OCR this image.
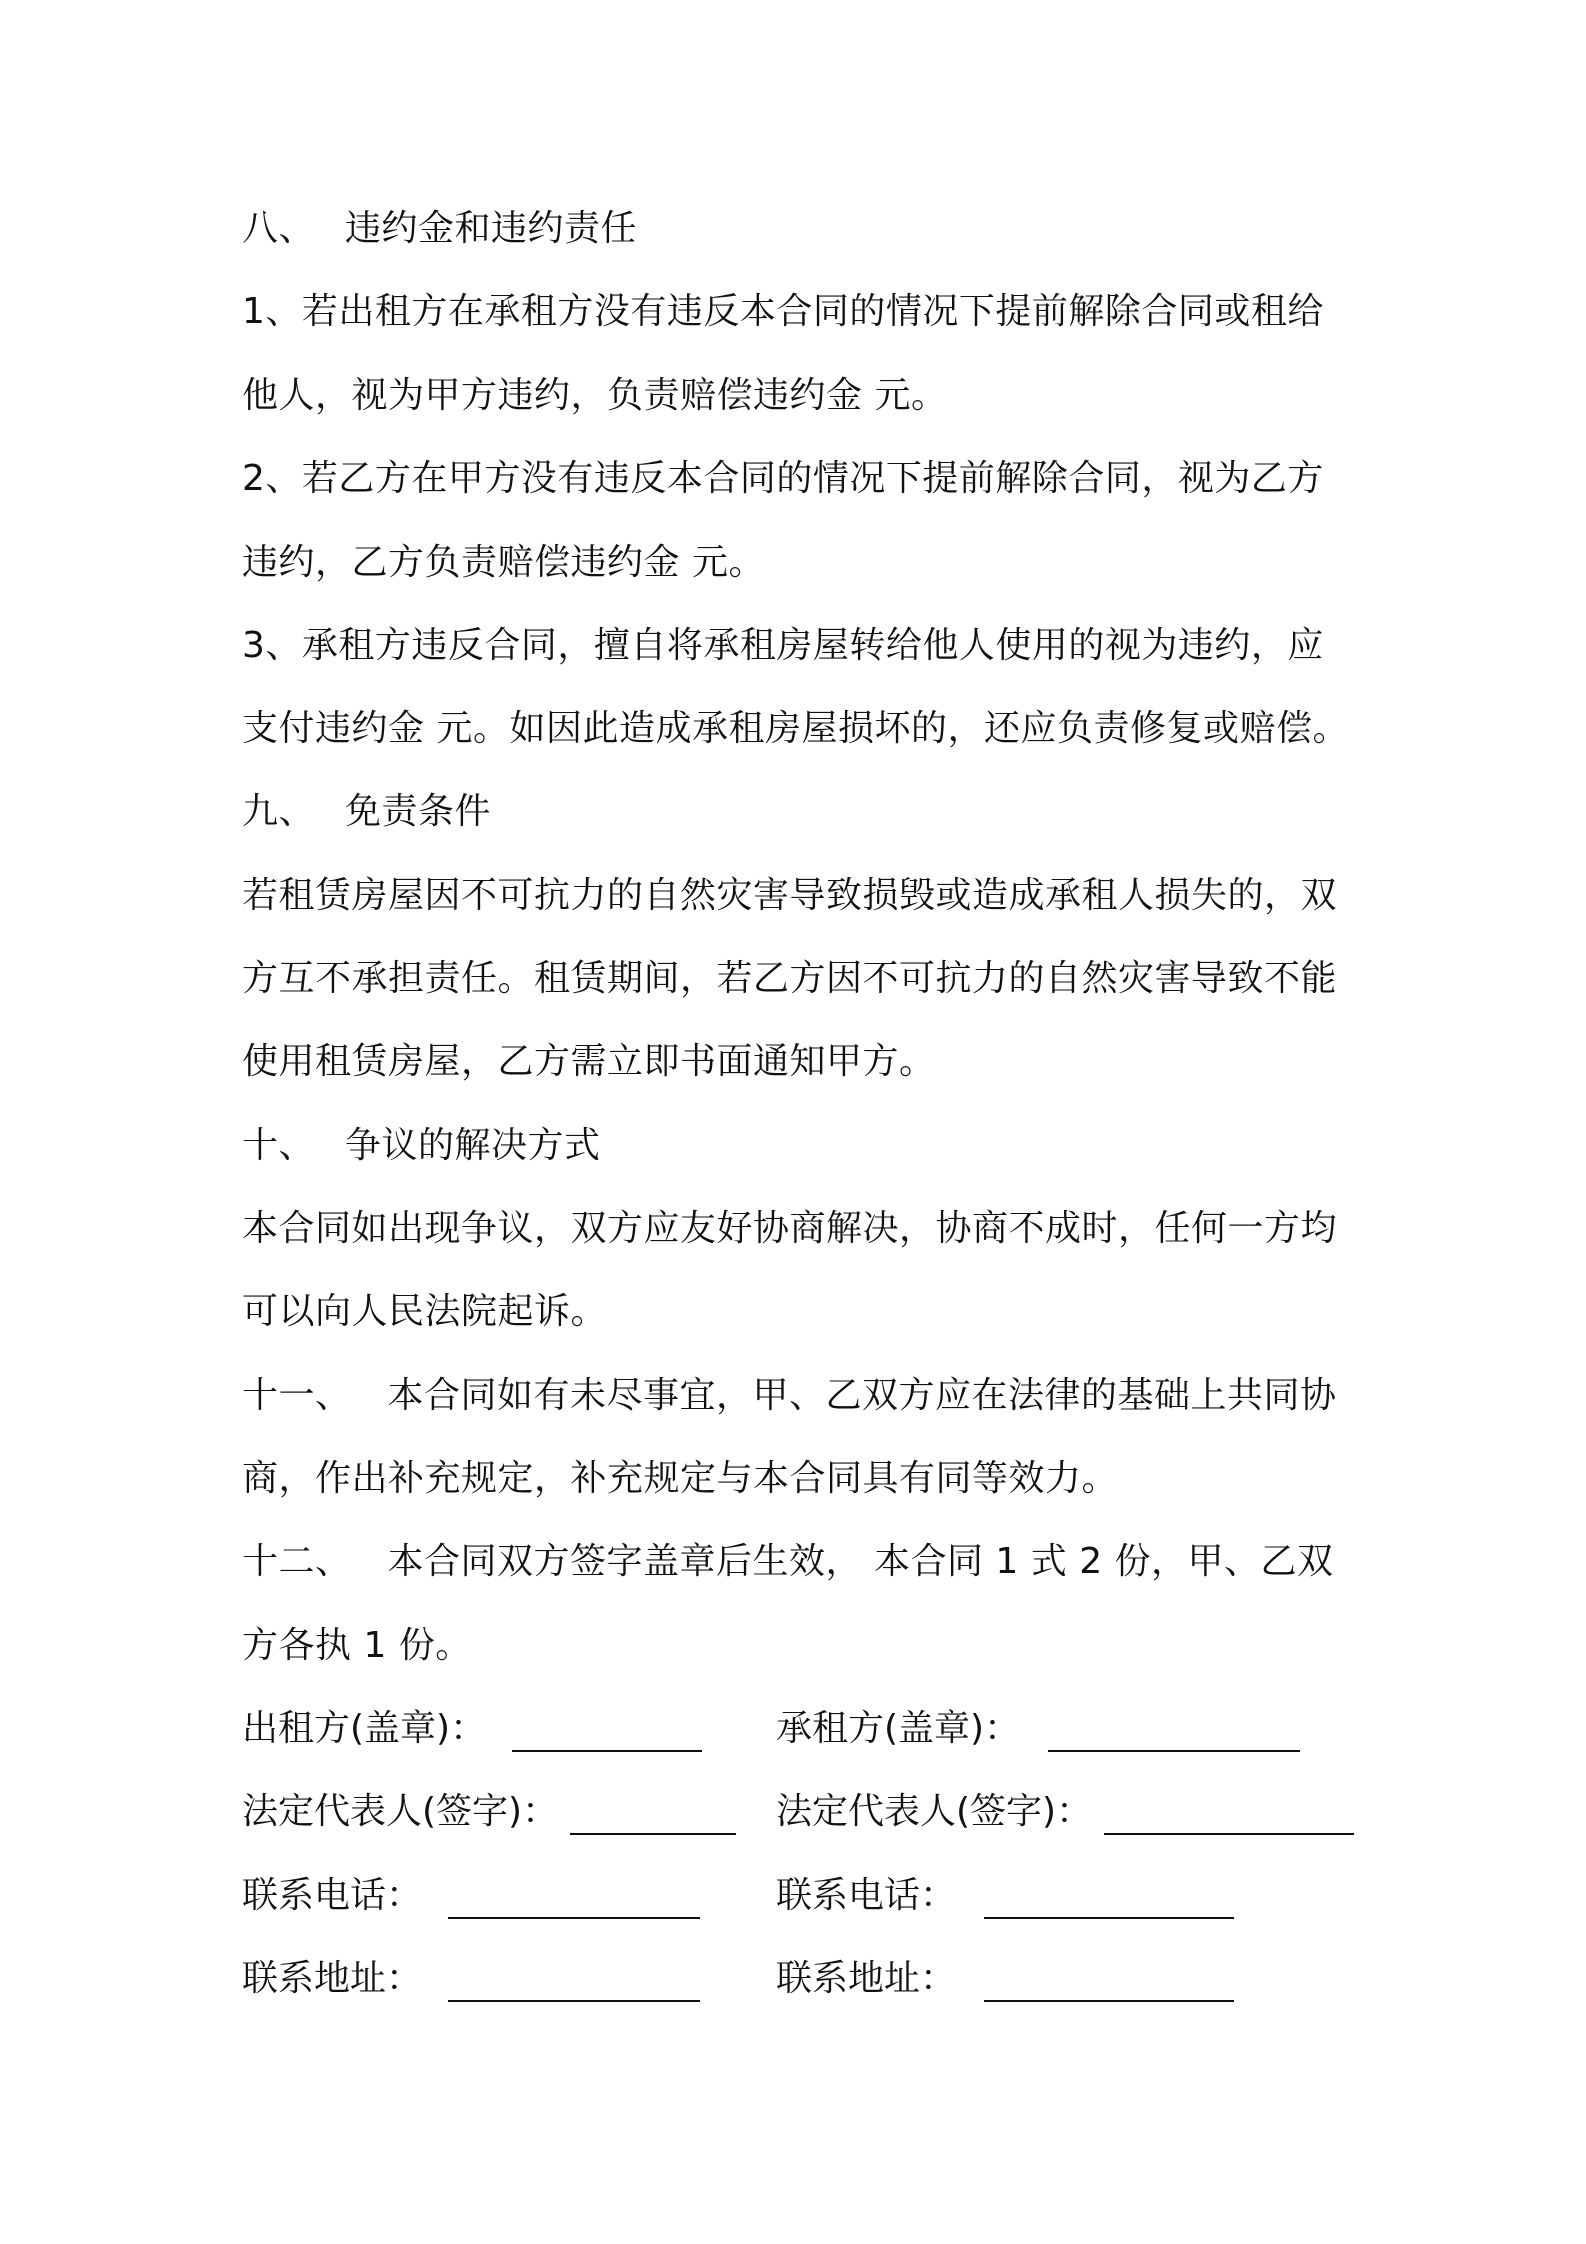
八、 违约金和违约责任
1、若出租方在承租方没有违反本合同的情况下提前解除合同或租给
他人，视为甲方违约，负责赔偿违约金 元。
2、若乙方在甲方没有违反本合同的情况下提前解除合同，视为乙方
违约，乙方负责赔偿违约金 元。
3、承租方违反合同，擅自将承租房屋转给他人使用的视为违约，应
支付违约金 元。如因此造成承租房屋损坏的，还应负责修复或赔偿。
九、 免责条件
若租赁房屋因不可抗力的自然灾害导致损毁或造成承租人损失的，双
方互不承担责任。租赁期间，若乙方因不可抗力的自然灾害导致不能
使用租赁房屋，乙方需立即书面通知甲方。
十、 争议的解决方式
本合同如出现争议，双方应友好协商解决，协商不成时，任何一方均
可以向人民法院起诉。
十一、 本合同如有未尽事宜，甲、乙双方应在法律的基础上共同协
商，作出补充规定，补充规定与本合同具有同等效力。
十二、 本合同双方签字盖章后生效， 本合同 1 式 2 份，甲、乙双
方各执 1 份。
出租方(盖章)：
法定代表人(签字)：
联系电话：
联系地址：
承租方(盖章)：
法定代表人(签字)：
联系电话：
联系地址：
